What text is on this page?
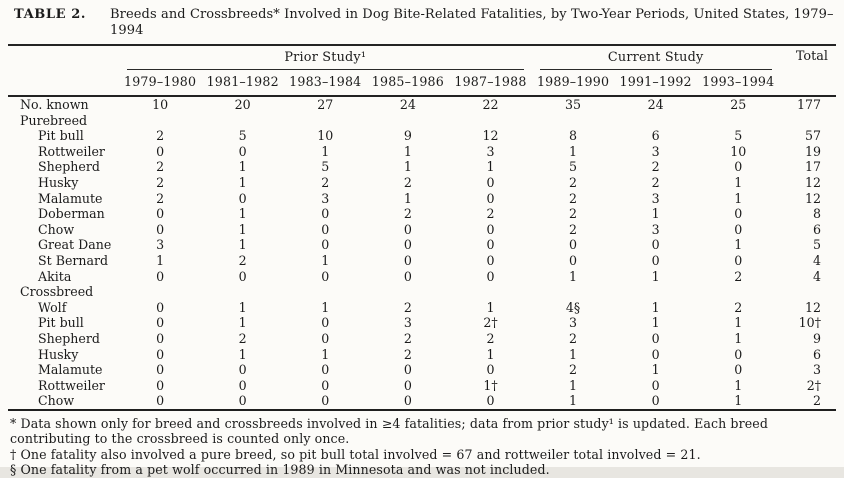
TABLE 2. Breeds and Crossbreeds* Involved in Dog Bite-Related Fatalities, by Two-Year Periods, United States, 1979–1994

	Prior Study¹					Current Study			Total
	1979–1980	1981–1982	1983–1984	1985–1986	1987–1988	1989–1990	1991–1992	1993–1994	
No. known	10	20	27	24	22	35	24	25	177
Purebreed									
Pit bull	2	5	10	9	12	8	6	5	57
Rottweiler	0	0	1	1	3	1	3	10	19
Shepherd	2	1	5	1	1	5	2	0	17
Husky	2	1	2	2	0	2	2	1	12
Malamute	2	0	3	1	0	2	3	1	12
Doberman	0	1	0	2	2	2	1	0	8
Chow	0	1	0	0	0	2	3	0	6
Great Dane	3	1	0	0	0	0	0	1	5
St Bernard	1	2	1	0	0	0	0	0	4
Akita	0	0	0	0	0	1	1	2	4
Crossbreed									
Wolf	0	1	1	2	1	4§	1	2	12
Pit bull	0	1	0	3	2†	3	1	1	10†
Shepherd	0	2	0	2	2	2	0	1	9
Husky	0	1	1	2	1	1	0	0	6
Malamute	0	0	0	0	0	2	1	0	3
Rottweiler	0	0	0	0	1†	1	0	1	2†
Chow	0	0	0	0	0	1	0	1	2

* Data shown only for breed and crossbreeds involved in ≥4 fatalities; data from prior study¹ is updated. Each breed contributing to the crossbreed is counted only once.

† One fatality also involved a pure breed, so pit bull total involved = 67 and rottweiler total involved = 21.

§ One fatality from a pet wolf occurred in 1989 in Minnesota and was not included.
